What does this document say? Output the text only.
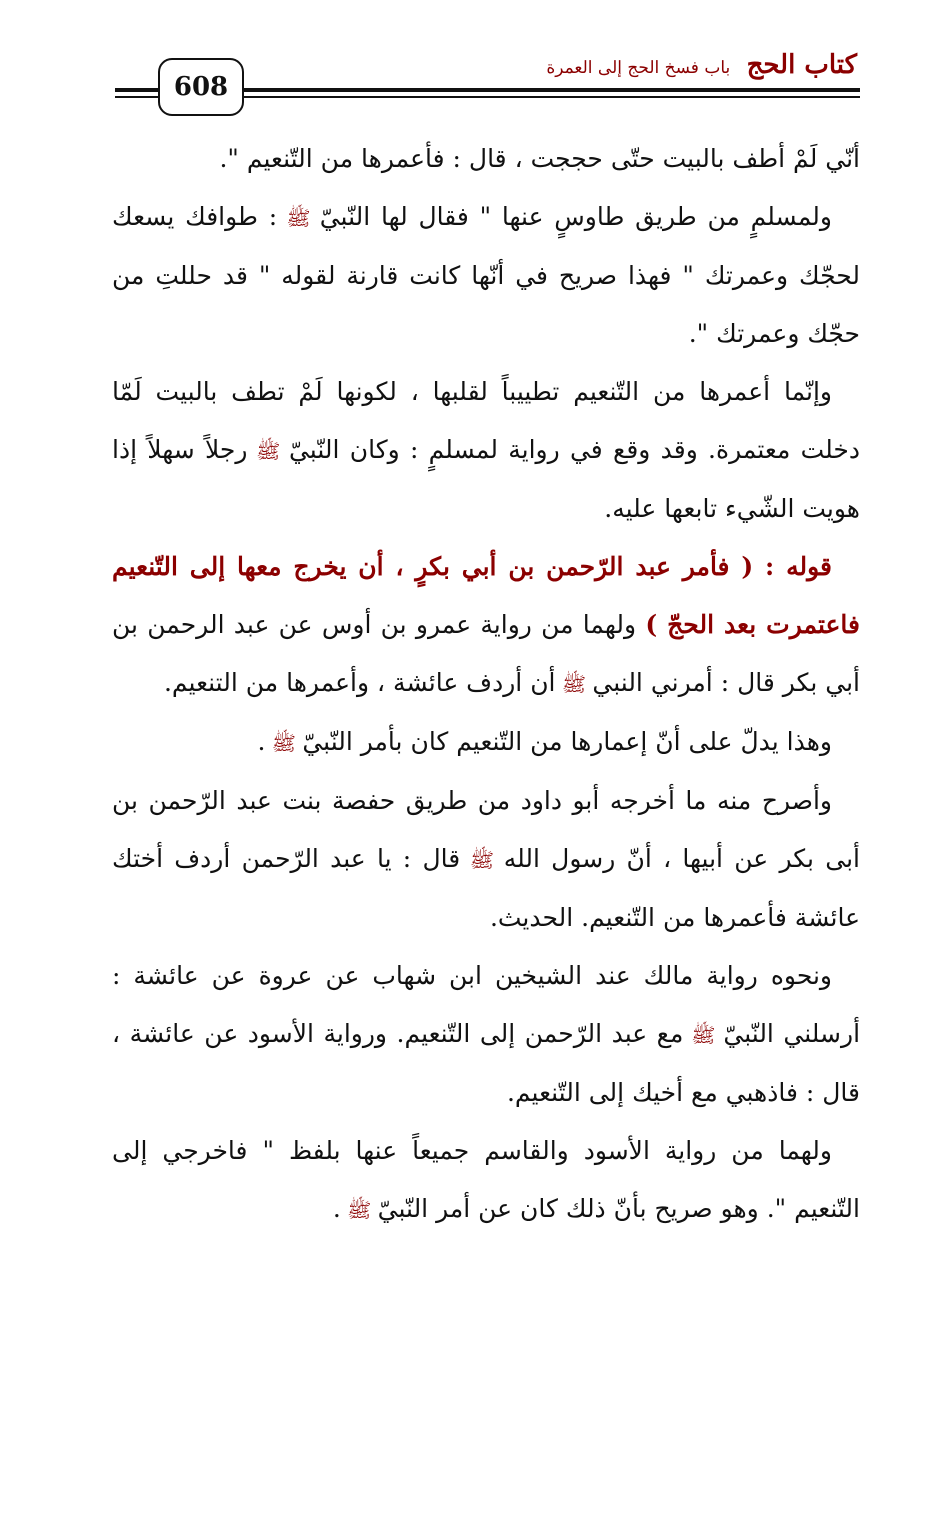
608
كتاب الحج باب فسخ الحج إلى العمرة

أنّي لَمْ أطف بالبيت حتّى حججت ، قال : فأعمرها من التّنعيم ".

ولمسلمٍ من طريق طاوسٍ عنها " فقال لها النّبيّ ﷺ : طوافك يسعك لحجّك وعمرتك " فهذا صريح في أنّها كانت قارنة لقوله " قد حللتِ من حجّك وعمرتك ".

وإنّما أعمرها من التّنعيم تطييباً لقلبها ، لكونها لَمْ تطف بالبيت لَمّا دخلت معتمرة. وقد وقع في رواية لمسلمٍ : وكان النّبيّ ﷺ رجلاً سهلاً إذا هويت الشّيء تابعها عليه.

قوله : ( فأمر عبد الرّحمن بن أبي بكرٍ ، أن يخرج معها إلى التّنعيم فاعتمرت بعد الحجّ ) ولهما من رواية عمرو بن أوس عن عبد الرحمن بن أبي بكر قال : أمرني النبي ﷺ أن أردف عائشة ، وأعمرها من التنعيم.

وهذا يدلّ على أنّ إعمارها من التّنعيم كان بأمر النّبيّ ﷺ .

وأصرح منه ما أخرجه أبو داود من طريق حفصة بنت عبد الرّحمن بن أبى بكر عن أبيها ، أنّ رسول الله ﷺ قال : يا عبد الرّحمن أردف أختك عائشة فأعمرها من التّنعيم. الحديث.

ونحوه رواية مالك عند الشيخين ابن شهاب عن عروة عن عائشة : أرسلني النّبيّ ﷺ مع عبد الرّحمن إلى التّنعيم. ورواية الأسود عن عائشة ، قال : فاذهبي مع أخيك إلى التّنعيم.

ولهما من رواية الأسود والقاسم جميعاً عنها بلفظ " فاخرجي إلى التّنعيم ". وهو صريح بأنّ ذلك كان عن أمر النّبيّ ﷺ .
